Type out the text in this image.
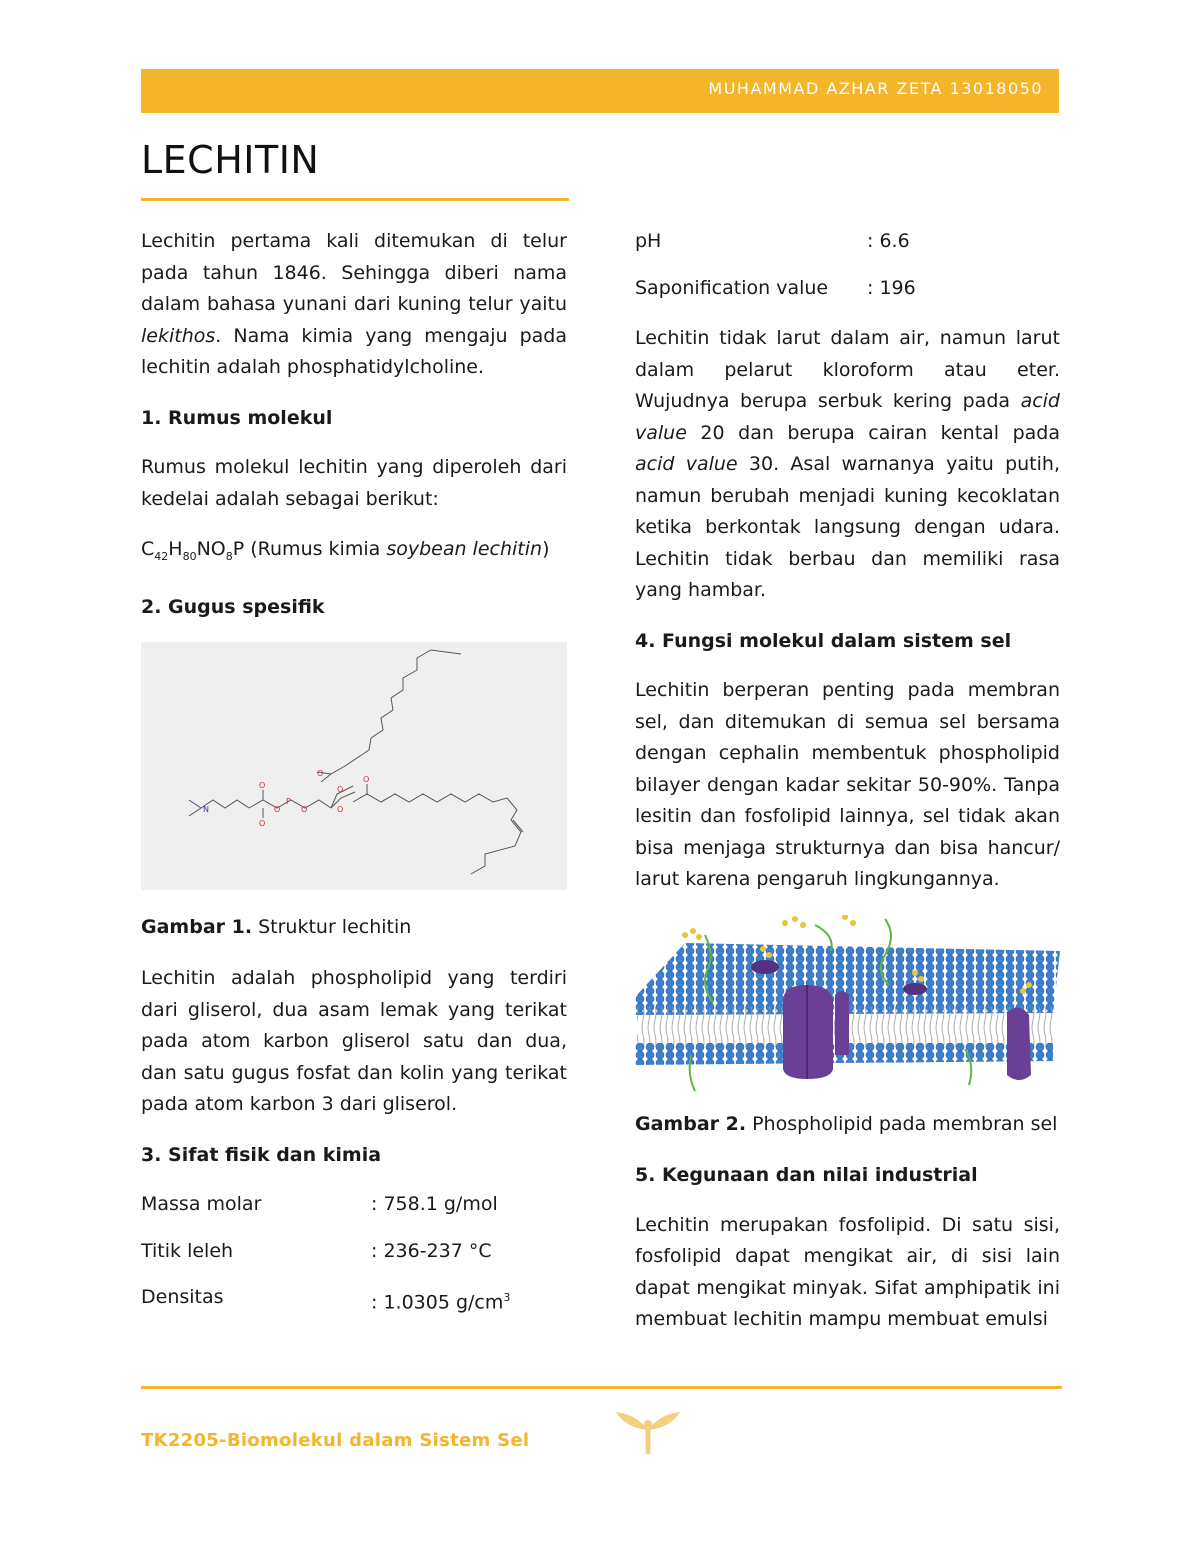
MUHAMMAD AZHAR ZETA 13018050
LECHITIN

Lechitin pertama kali ditemukan di telur pada tahun 1846. Sehingga diberi nama dalam bahasa yunani dari kuning telur yaitu lekithos. Nama kimia yang mengaju pada lechitin adalah phosphatidylcholine.

1. Rumus molekul

Rumus molekul lechitin yang diperoleh dari kedelai adalah sebagai berikut:

$C_{42}H_{80}NO_8P$ (Rumus kimia soybean lechitin)
2. Gugus spesifik
O
O
O
P
O
O
O
O
O
N
Gambar 1. Struktur lechitin

Lechitin adalah phospholipid yang terdiri dari gliserol, dua asam lemak yang terikat pada atom karbon gliserol satu dan dua, dan satu gugus fosfat dan kolin yang terikat pada atom karbon 3 dari gliserol.

3. Sifat fisik dan kimia
Massa molar	: 758.1 g/mol
Titik leleh	: 236-237 °C
Densitas	: 1.0305 $g/cm^3$
pH	: 6.6
Saponification value	: 196

Lechitin tidak larut dalam air, namun larut dalam pelarut kloroform atau eter. Wujudnya berupa serbuk kering pada acid value 20 dan berupa cairan kental pada acid value 30. Asal warnanya yaitu putih, namun berubah menjadi kuning kecoklatan ketika berkontak langsung dengan udara. Lechitin tidak berbau dan memiliki rasa yang hambar.

4. Fungsi molekul dalam sistem sel

Lechitin berperan penting pada membran sel, dan ditemukan di semua sel bersama dengan cephalin membentuk phospholipid bilayer dengan kadar sekitar 50-90%. Tanpa lesitin dan fosfolipid lainnya, sel tidak akan bisa menjaga strukturnya dan bisa hancur/ larut karena pengaruh lingkungannya.

Gambar 2. Phospholipid pada membran sel
5. Kegunaan dan nilai industrial

Lechitin merupakan fosfolipid. Di satu sisi, fosfolipid dapat mengikat air, di sisi lain dapat mengikat minyak. Sifat amphipatik ini membuat lechitin mampu membuat emulsi

TK2205-Biomolekul dalam Sistem Sel
